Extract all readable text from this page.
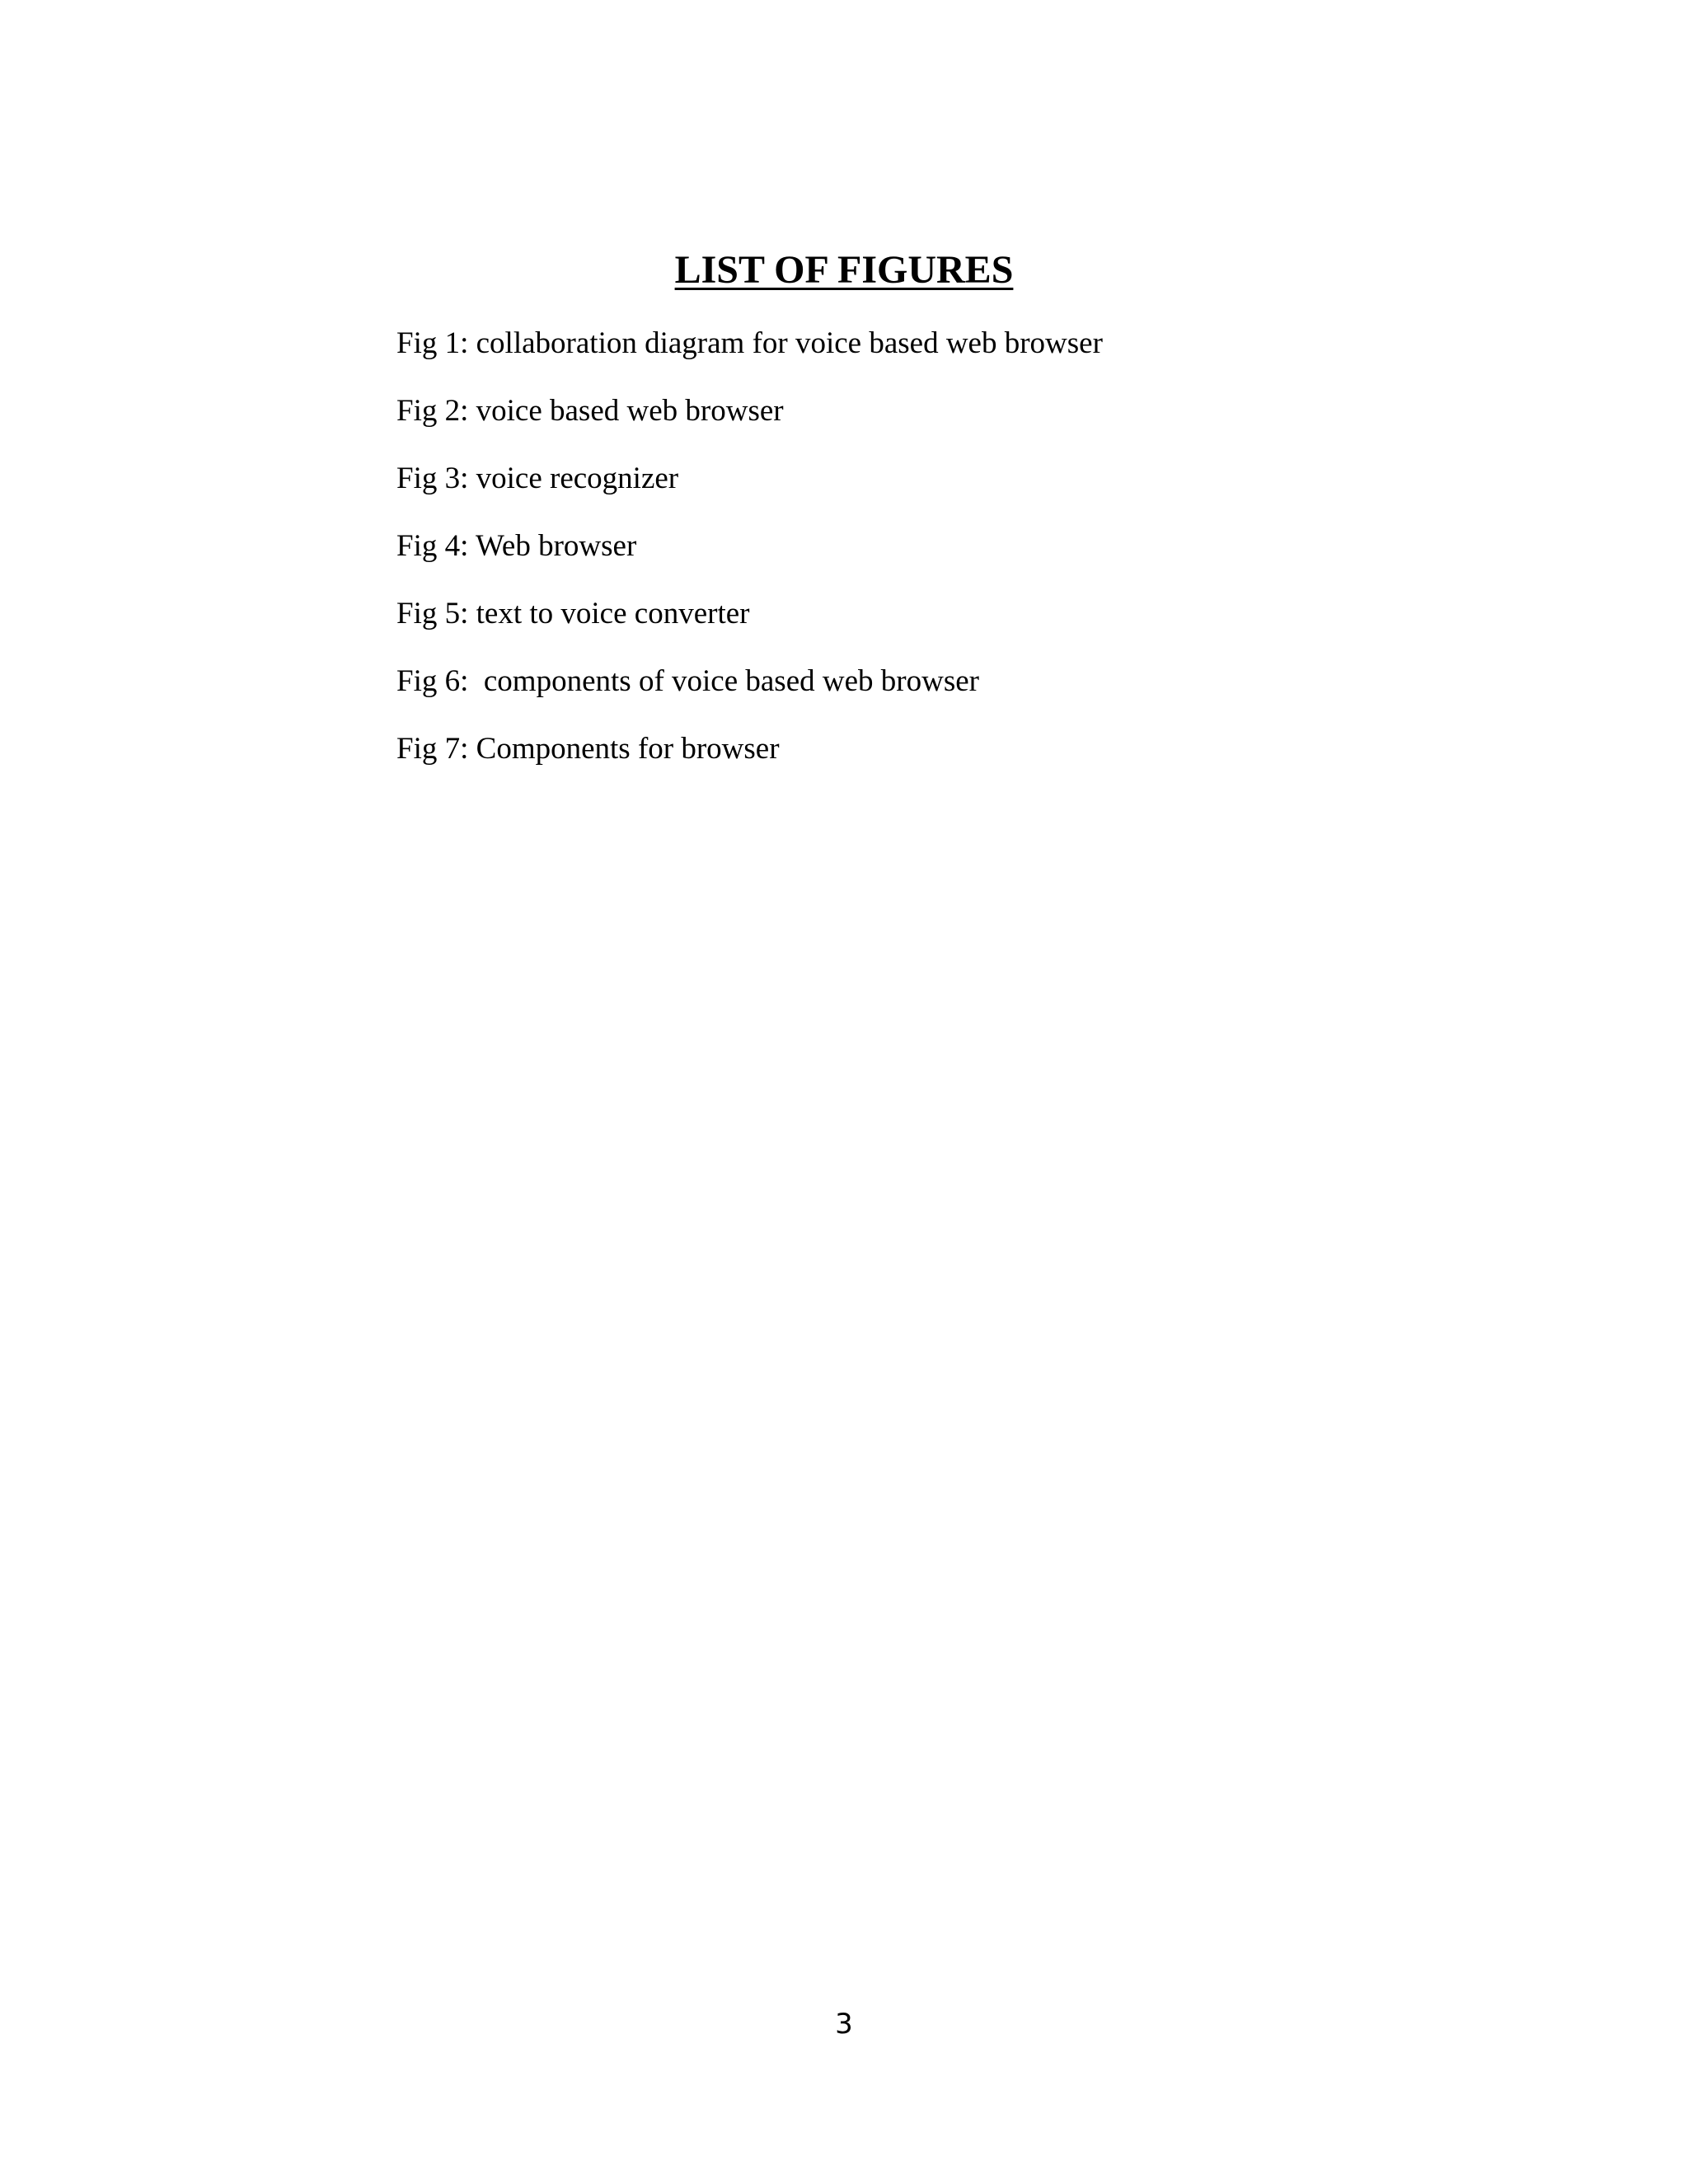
LIST OF FIGURES
Fig 1: collaboration diagram for voice based web browser
Fig 2: voice based web browser
Fig 3: voice recognizer
Fig 4: Web browser
Fig 5: text to voice converter
Fig 6:  components of voice based web browser
Fig 7: Components for browser
3
